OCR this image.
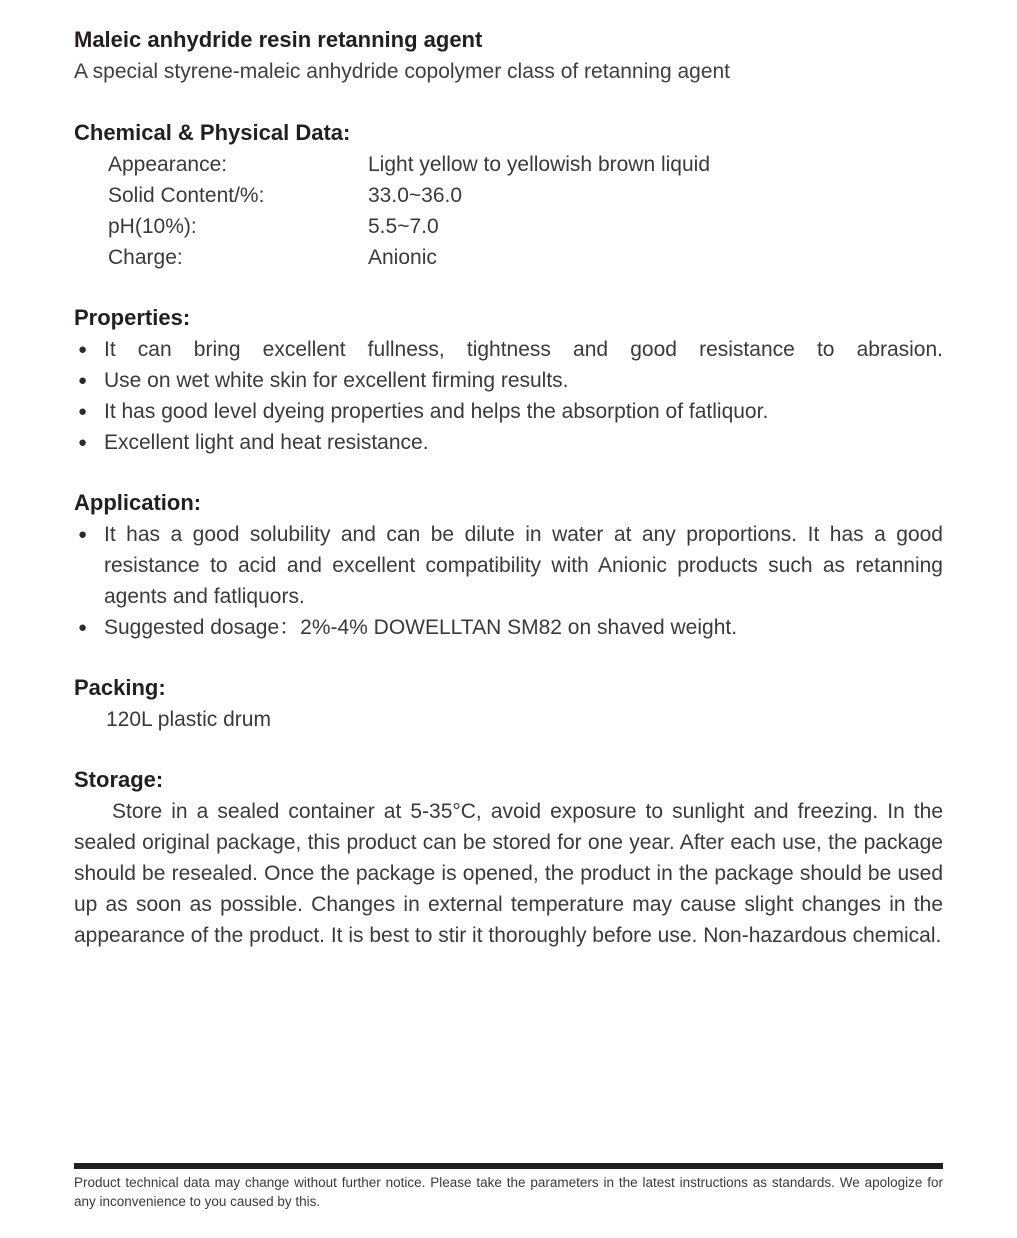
Maleic anhydride resin retanning agent

A special styrene-maleic anhydride copolymer class of retanning agent

Chemical & Physical Data:
Appearance:	Light yellow to yellowish brown liquid
Solid Content/%:	33.0~36.0
pH(10%):	5.5~7.0
Charge:	Anionic
Properties:
● It can bring excellent fullness, tightness and good resistance to abrasion.
● Use on wet white skin for excellent firming results.
● It has good level dyeing properties and helps the absorption of fatliquor.
● Excellent light and heat resistance.
Application:
● It has a good solubility and can be dilute in water at any proportions. It has a good resistance to acid and excellent compatibility with Anionic products such as retanning agents and fatliquors.
● Suggested dosage：2%-4% DOWELLTAN SM82 on shaved weight.
Packing:
120L plastic drum
Storage:

Store in a sealed container at 5-35°C, avoid exposure to sunlight and freezing. In the sealed original package, this product can be stored for one year. After each use, the package should be resealed. Once the package is opened, the product in the package should be used up as soon as possible. Changes in external temperature may cause slight changes in the appearance of the product. It is best to stir it thoroughly before use. Non-hazardous chemical.

Product technical data may change without further notice. Please take the parameters in the latest instructions as standards. We apologize for any inconvenience to you caused by this.
